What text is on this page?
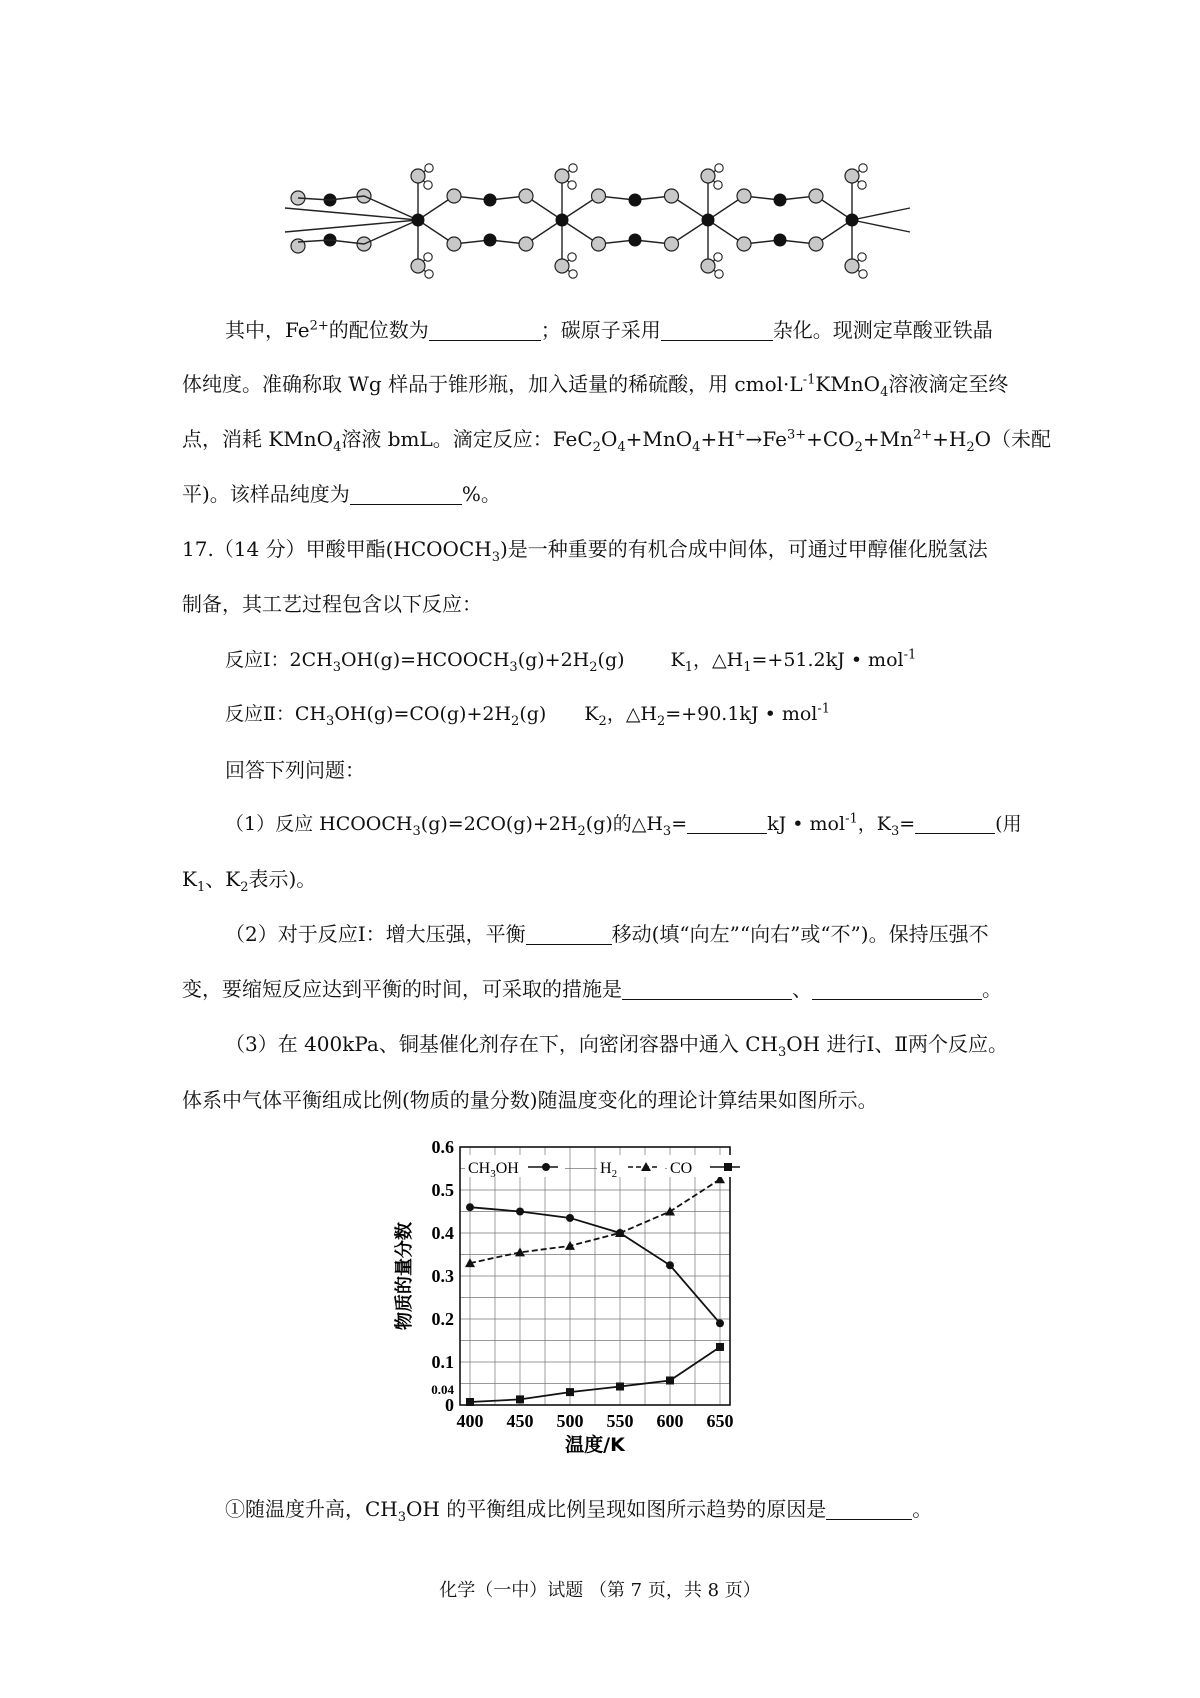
其中，$Fe^{2+}$的配位数为	；碳原子采用	杂化。现测定草酸亚铁晶
体纯度。准确称取 Wg 样品于锥形瓶，加入适量的稀硫酸，用 $cmol\cdot L^{-1}KMnO_4$溶液滴定至终
点，消耗 KMnO$_4$溶液 bmL。滴定反应：$FeC_2O_4+MnO_4+H^+\to Fe^{3+}+CO_2+Mn^{2+}+H_2O$（未配
平)。该样品纯度为	%。
17.（14 分）甲酸甲酯$(HCOOCH_3)$是一种重要的有机合成中间体，可通过甲醇催化脱氢法
制备，其工艺过程包含以下反应：
反应Ⅰ：$2CH_3OH(g)=HCOOCH_3(g)+2H_2(g)$ $K_1$，$\triangle H_1=+51.2kJ$ • mol$^{-1}$
反应Ⅱ：$CH_3OH(g)=CO(g)+2H_2(g)$ $K_2$，$\triangle H_2=+90.1kJ$ • mol$^{-1}$
回答下列问题：
（1）反应 $HCOOCH_3(g)=2CO(g)+2H_2(g)$的$\triangle H_3=$	kJ • mol$^{-1}$，$K_3=$	(用
$K_1$、$K_2$表示)。
（2）对于反应Ⅰ：增大压强，平衡	移动(填“向左”“向右”或“不”)。保持压强不
变，要缩短反应达到平衡的时间，可采取的措施是	、	。
（3）在 400kPa、铜基催化剂存在下，向密闭容器中通入 $CH_3OH$ 进行Ⅰ、Ⅱ两个反应。
体系中气体平衡组成比例(物质的量分数)随温度变化的理论计算结果如图所示。
0
0.04
0.1
0.2
0.3
0.4
0.5
0.6
400 450 500 550 600 650
温度/K
物质的量分数
$CH_3OH$	$H_2$	CO
①随温度升高，$CH_3OH$ 的平衡组成比例呈现如图所示趋势的原因是	。
化学（一中）试题 （第 7 页，共 8 页）
